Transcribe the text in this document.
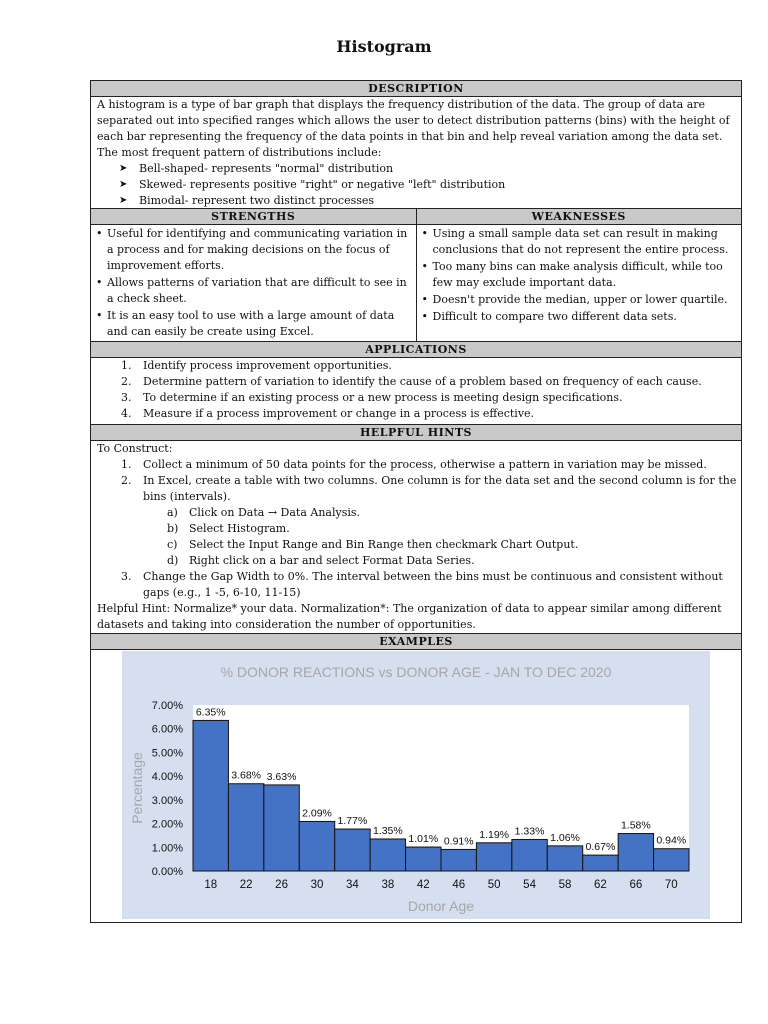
Histogram
DESCRIPTION
A histogram is a type of bar graph that displays the frequency distribution of the data. The group of data are separated out into specified ranges which allows the user to detect distribution patterns (bins) with the height of each bar representing the frequency of the data points in that bin and help reveal variation among the data set.
The most frequent pattern of distributions include:
➤ Bell-shaped- represents "normal" distribution
➤ Skewed- represents positive "right" or negative "left" distribution
➤ Bimodal- represent two distinct processes
STRENGTHS	WEAKNESSES
• Useful for identifying and communicating variation in a process and for making decisions on the focus of improvement efforts.
• Allows patterns of variation that are difficult to see in a check sheet.
• It is an easy tool to use with a large amount of data and can easily be create using Excel.
• Using a small sample data set can result in making conclusions that do not represent the entire process.
• Too many bins can make analysis difficult, while too few may exclude important data.
• Doesn't provide the median, upper or lower quartile.
• Difficult to compare two different data sets.
APPLICATIONS
1. Identify process improvement opportunities.
2. Determine pattern of variation to identify the cause of a problem based on frequency of each cause.
3. To determine if an existing process or a new process is meeting design specifications.
4. Measure if a process improvement or change in a process is effective.
HELPFUL HINTS
To Construct:
1. Collect a minimum of 50 data points for the process, otherwise a pattern in variation may be missed.
2. In Excel, create a table with two columns. One column is for the data set and the second column is for the bins (intervals).
a) Click on Data → Data Analysis.
b) Select Histogram.
c) Select the Input Range and Bin Range then checkmark Chart Output.
d) Right click on a bar and select Format Data Series.
3. Change the Gap Width to 0%. The interval between the bins must be continuous and consistent without gaps (e.g., 1 -5, 6-10, 11-15)
Helpful Hint: Normalize* your data. Normalization*: The organization of data to appear similar among different datasets and taking into consideration the number of opportunities.
EXAMPLES
% DONOR REACTIONS vs DONOR AGE - JAN TO DEC 2020
0.00%
1.00%
2.00%
3.00%
4.00%
5.00%
6.00%
7.00%
6.35%
18
3.68%
22
3.63%
26
2.09%
30
1.77%
34
1.35%
38
1.01%
42
0.91%
46
1.19%
50
1.33%
54
1.06%
58
0.67%
62
1.58%
66
0.94%
70
Donor Age
Percentage
